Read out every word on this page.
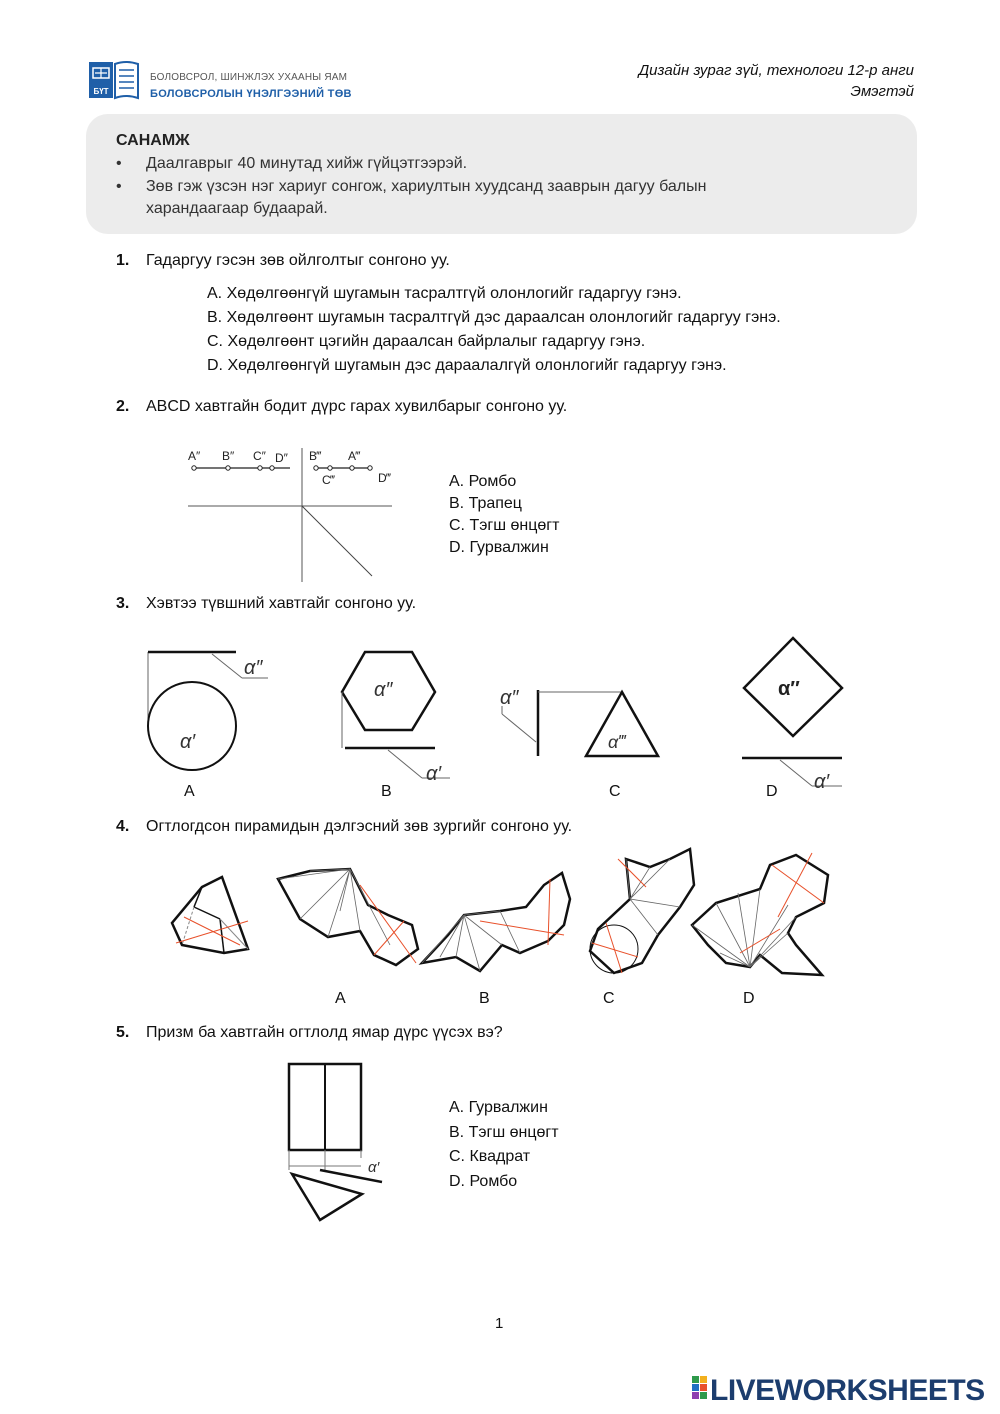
БҮТ
БОЛОВСРОЛ, ШИНЖЛЭХ УХААНЫ ЯАМ
БОЛОВСРОЛЫН ҮНЭЛГЭЭНИЙ ТӨВ
Дизайн зураг зүй, технологи 12-р анги
Эмэгтэй
САНАМЖ
• Даалгаврыг 40 минутад хийж гүйцэтгээрэй.
• Зөв гэж үзсэн нэг хариуг сонгож, хариултын хуудсанд зааврын дагуу балын
харандаагаар будаарай.
1. Гадаргуу гэсэн зөв ойлголтыг сонгоно уу.
A. Хөдөлгөөнгүй шугамын тасралтгүй олонлогийг гадаргуу гэнэ.
B. Хөдөлгөөнт шугамын тасралтгүй дэс дараалсан олонлогийг гадаргуу гэнэ.
C. Хөдөлгөөнт цэгийн дараалсан байрлалыг гадаргуу гэнэ.
D. Хөдөлгөөнгүй шугамын дэс дараалалгүй олонлогийг гадаргуу гэнэ.
2. ABCD хавтгайн бодит дүрс гарах хувилбарыг сонгоно уу.
A″ B″ C″ D″ B‴ A‴
C‴	D‴	A. Ромбо
B. Трапец
C. Тэгш өнцөгт
D. Гурвалжин
3. Хэвтээ түвшний хавтгайг сонгоно уу.
α″
α′
α″
α′
α″
α‴
α″
α′
A	B	C	D
4. Огтлогдсон пирамидын дэлгэсний зөв зургийг сонгоно уу.
A	B	C	D
5. Призм ба хавтгайн огтлолд ямар дүрс үүсэх вэ?
α′
A. Гурвалжин
B. Тэгш өнцөгт
C. Квадрат
D. Ромбо
1
LIVEWORKSHEETS
